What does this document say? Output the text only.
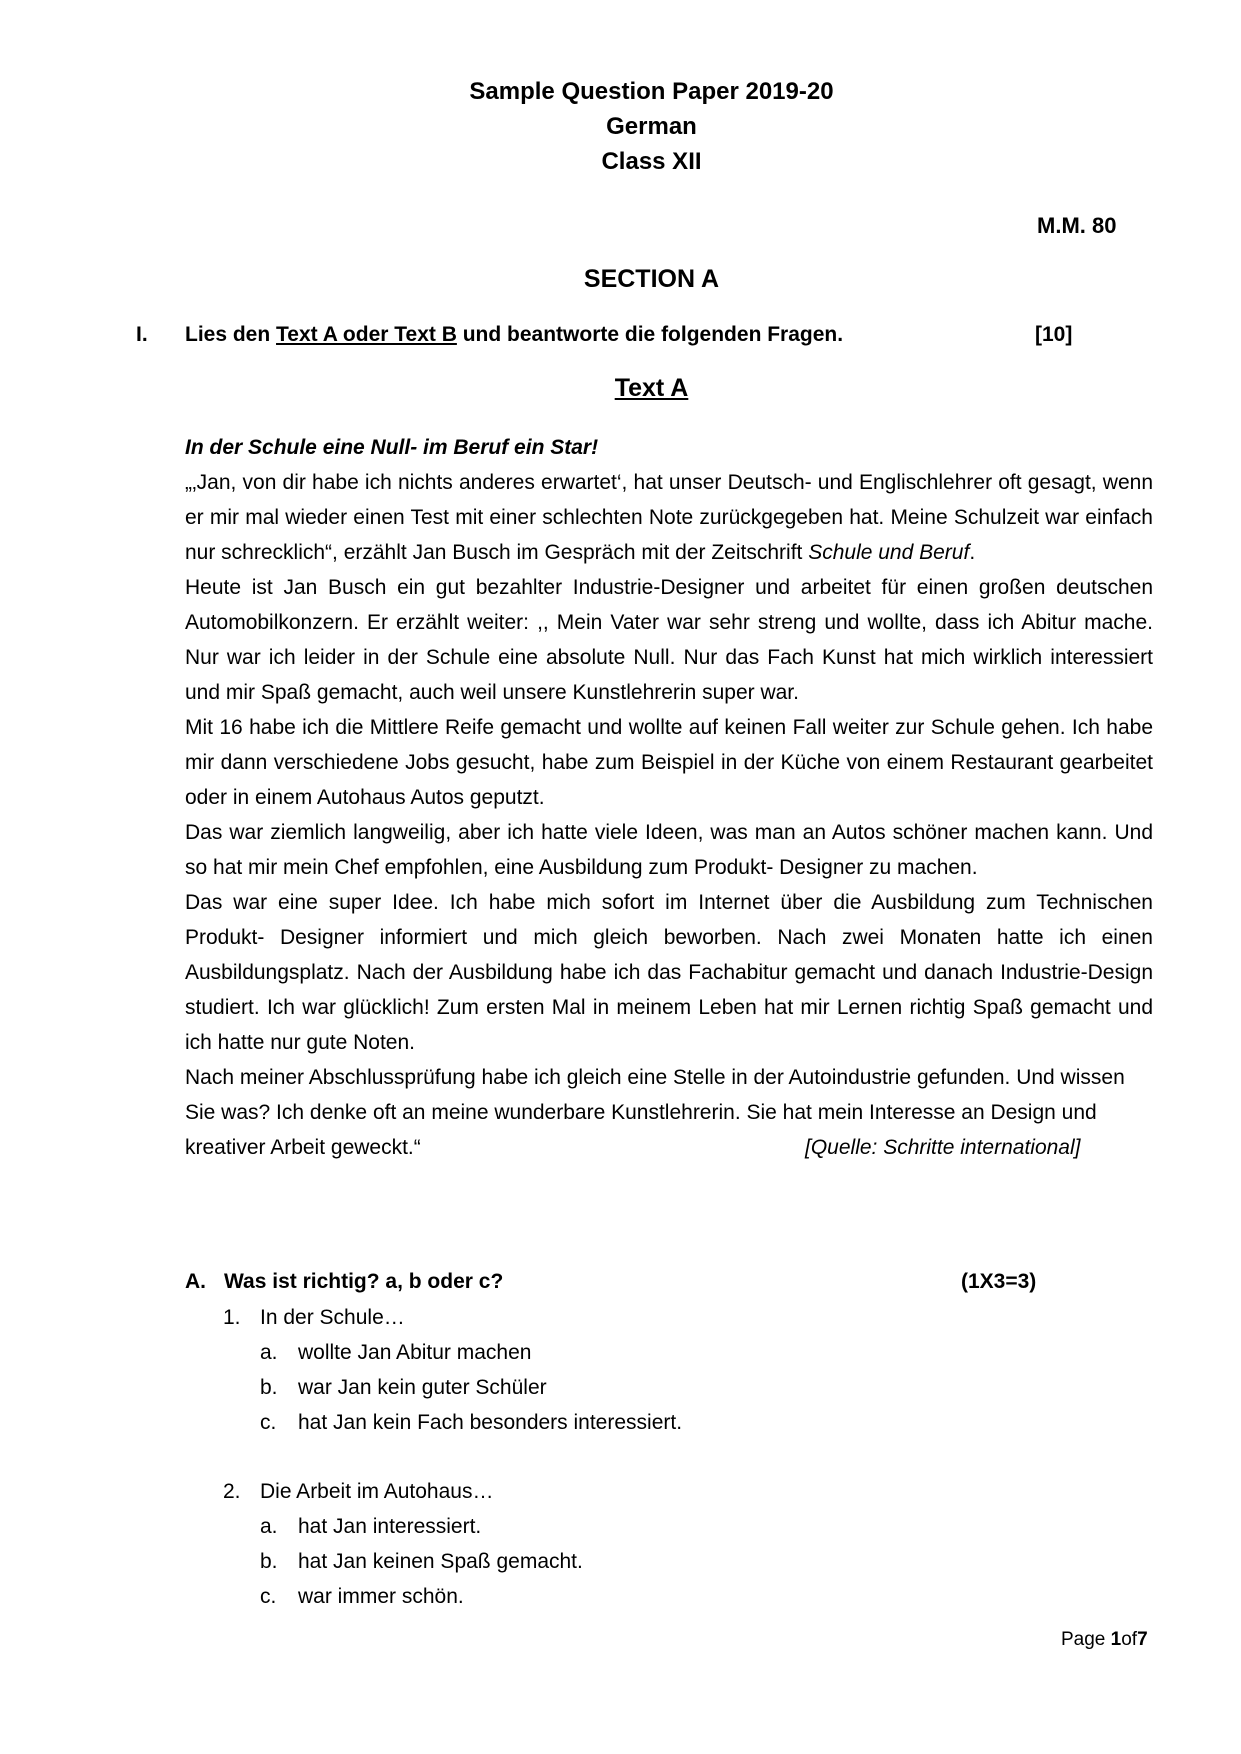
Sample Question Paper 2019-20
German
Class XII
M.M. 80
SECTION A
I. Lies den Text A oder Text B und beantworte die folgenden Fragen.	[10]
Text A
In der Schule eine Null- im Beruf ein Star!

„‚Jan, von dir habe ich nichts anderes erwartet‘, hat unser Deutsch- und Englischlehrer oft gesagt, wenn er mir mal wieder einen Test mit einer schlechten Note zurückgegeben hat. Meine Schulzeit war einfach nur schrecklich“, erzählt Jan Busch im Gespräch mit der Zeitschrift Schule und Beruf.

Heute ist Jan Busch ein gut bezahlter Industrie-Designer und arbeitet für einen großen deutschen Automobilkonzern. Er erzählt weiter: ,, Mein Vater war sehr streng und wollte, dass ich Abitur mache. Nur war ich leider in der Schule eine absolute Null. Nur das Fach Kunst hat mich wirklich interessiert und mir Spaß gemacht, auch weil unsere Kunstlehrerin super war.

Mit 16 habe ich die Mittlere Reife gemacht und wollte auf keinen Fall weiter zur Schule gehen. Ich habe mir dann verschiedene Jobs gesucht, habe zum Beispiel in der Küche von einem Restaurant gearbeitet oder in einem Autohaus Autos geputzt.

Das war ziemlich langweilig, aber ich hatte viele Ideen, was man an Autos schöner machen kann. Und so hat mir mein Chef empfohlen, eine Ausbildung zum Produkt- Designer zu machen.

Das war eine super Idee. Ich habe mich sofort im Internet über die Ausbildung zum Technischen Produkt- Designer informiert und mich gleich beworben. Nach zwei Monaten hatte ich einen Ausbildungsplatz. Nach der Ausbildung habe ich das Fachabitur gemacht und danach Industrie-Design studiert. Ich war glücklich! Zum ersten Mal in meinem Leben hat mir Lernen richtig Spaß gemacht und ich hatte nur gute Noten.

Nach meiner Abschlussprüfung habe ich gleich eine Stelle in der Autoindustrie gefunden. Und wissen Sie was? Ich denke oft an meine wunderbare Kunstlehrerin. Sie hat mein Interesse an Design und kreativer Arbeit geweckt.“	[Quelle: Schritte international]

A. Was ist richtig? a, b oder c?	(1X3=3)
1. In der Schule…
a. wollte Jan Abitur machen
b. war Jan kein guter Schüler
c. hat Jan kein Fach besonders interessiert.
2. Die Arbeit im Autohaus…
a. hat Jan interessiert.
b. hat Jan keinen Spaß gemacht.
c. war immer schön.
Page 1of7
